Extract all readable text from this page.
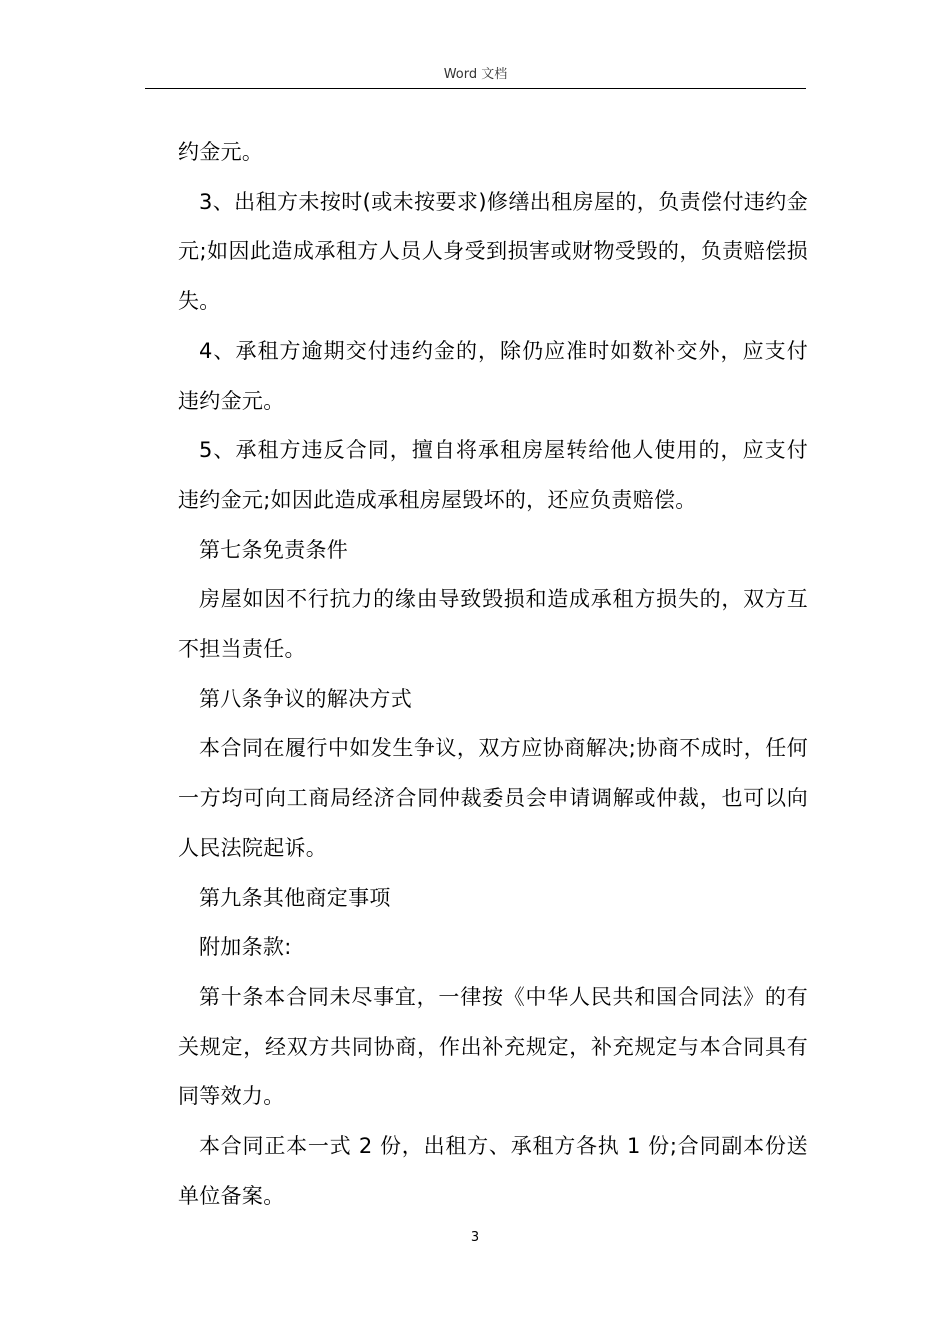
Word 文档

约金元。

3、出租方未按时(或未按要求)修缮出租房屋的，负责偿付违约金元;如因此造成承租方人员人身受到损害或财物受毁的，负责赔偿损失。

4、承租方逾期交付违约金的，除仍应准时如数补交外，应支付违约金元。

5、承租方违反合同，擅自将承租房屋转给他人使用的，应支付违约金元;如因此造成承租房屋毁坏的，还应负责赔偿。

第七条免责条件

房屋如因不行抗力的缘由导致毁损和造成承租方损失的，双方互不担当责任。

第八条争议的解决方式

本合同在履行中如发生争议，双方应协商解决;协商不成时，任何一方均可向工商局经济合同仲裁委员会申请调解或仲裁，也可以向人民法院起诉。

第九条其他商定事项

附加条款:

第十条本合同未尽事宜，一律按《中华人民共和国合同法》的有关规定，经双方共同协商，作出补充规定，补充规定与本合同具有同等效力。

本合同正本一式 2 份，出租方、承租方各执 1 份;合同副本份送单位备案。

3
